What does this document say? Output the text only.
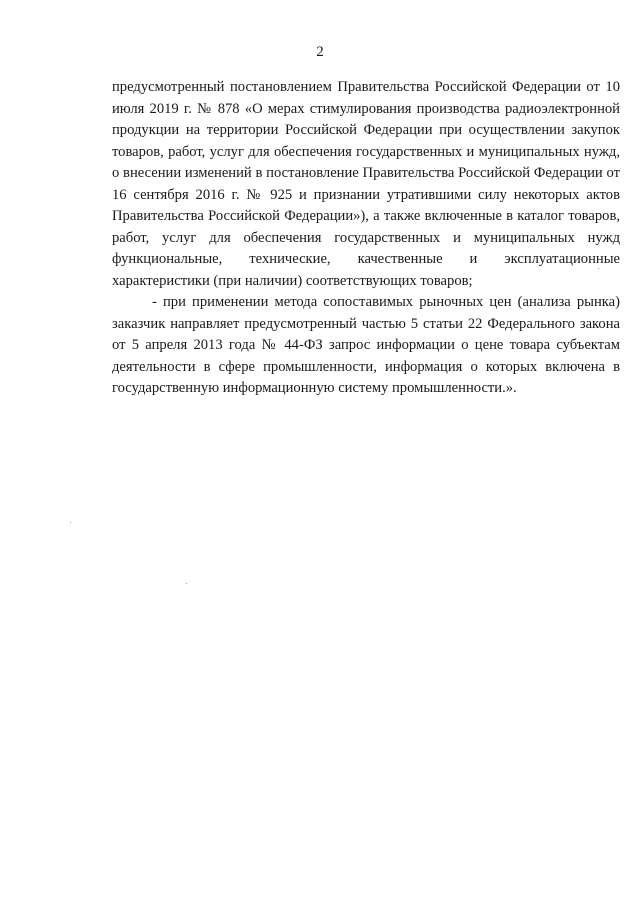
2

предусмотренный постановлением Правительства Российской Федерации от 10 июля 2019 г. № 878 «О мерах стимулирования производства радиоэлектронной продукции на территории Российской Федерации при осуществлении закупок товаров, работ, услуг для обеспечения государственных и муниципальных нужд, о внесении изменений в постановление Правительства Российской Федерации от 16 сентября 2016 г. № 925 и признании утратившими силу некоторых актов Правительства Российской Федерации»), а также включенные в каталог товаров, работ, услуг для обеспечения государственных и муниципальных нужд функциональные, технические, качественные и эксплуатационные характеристики (при наличии) соответствующих товаров;

- при применении метода сопоставимых рыночных цен (анализа рынка) заказчик направляет предусмотренный частью 5 статьи 22 Федерального закона от 5 апреля 2013 года № 44-ФЗ запрос информации о цене товара субъектам деятельности в сфере промышленности, информация о которых включена в государственную информационную систему промышленности.».
